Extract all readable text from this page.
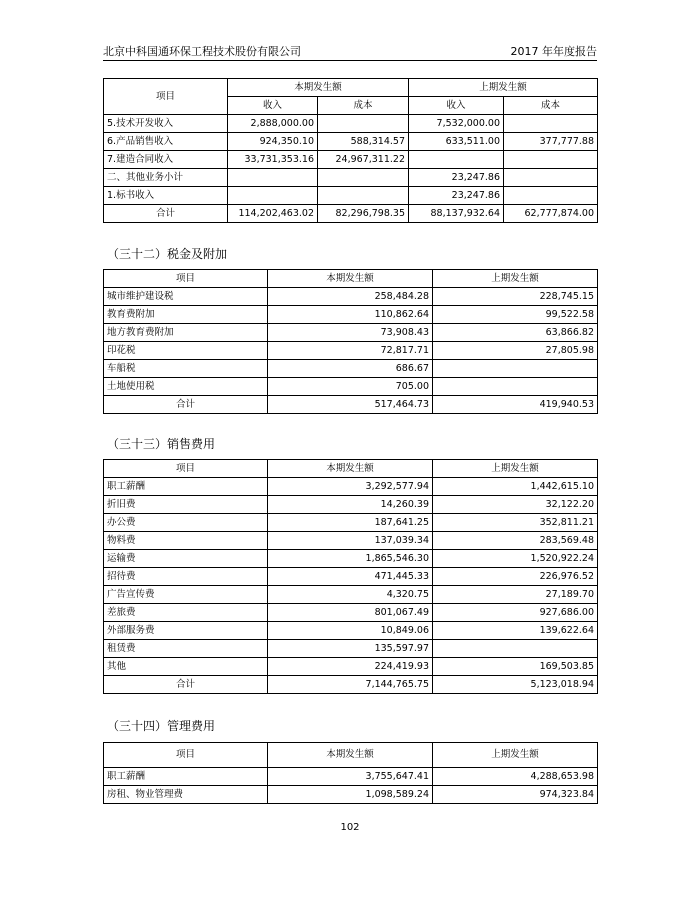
北京中科国通环保工程技术股份有限公司	2017 年年度报告
项目	本期发生额		上期发生额	
	收入	成本	收入	成本
5.技术开发收入	2,888,000.00		7,532,000.00	
6.产品销售收入	924,350.10	588,314.57	633,511.00	377,777.88
7.建造合同收入	33,731,353.16	24,967,311.22		
二、其他业务小计			23,247.86	
1.标书收入			23,247.86	
合计	114,202,463.02	82,296,798.35	88,137,932.64	62,777,874.00
（三十二）税金及附加
项目	本期发生额	上期发生额
城市维护建设税	258,484.28	228,745.15
教育费附加	110,862.64	99,522.58
地方教育费附加	73,908.43	63,866.82
印花税	72,817.71	27,805.98
车船税	686.67	
土地使用税	705.00	
合计	517,464.73	419,940.53
（三十三）销售费用
项目	本期发生额	上期发生额
职工薪酬	3,292,577.94	1,442,615.10
折旧费	14,260.39	32,122.20
办公费	187,641.25	352,811.21
物料费	137,039.34	283,569.48
运输费	1,865,546.30	1,520,922.24
招待费	471,445.33	226,976.52
广告宣传费	4,320.75	27,189.70
差旅费	801,067.49	927,686.00
外部服务费	10,849.06	139,622.64
租赁费	135,597.97	
其他	224,419.93	169,503.85
合计	7,144,765.75	5,123,018.94
（三十四）管理费用
项目	本期发生额	上期发生额
职工薪酬	3,755,647.41	4,288,653.98
房租、物业管理费	1,098,589.24	974,323.84
102
